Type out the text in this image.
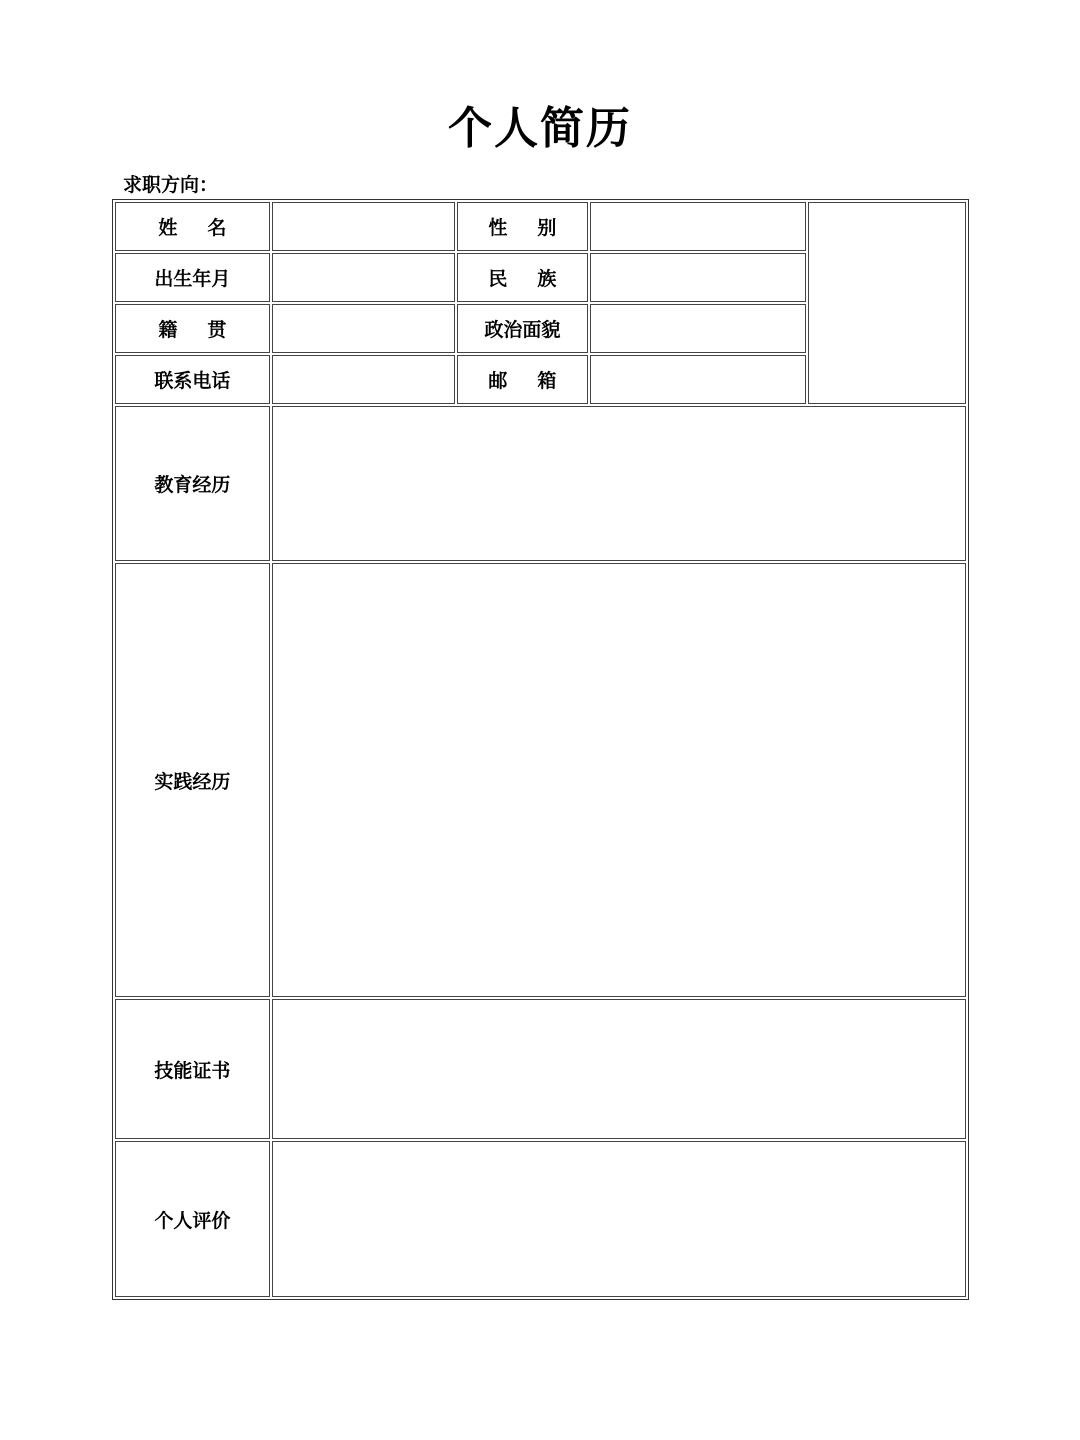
个人简历
求职方向：
姓 名		性 别		
出生年月		民 族		
籍 贯		政治面貌		
联系电话		邮 箱		
教育经历				
实践经历				
技能证书				
个人评价				
